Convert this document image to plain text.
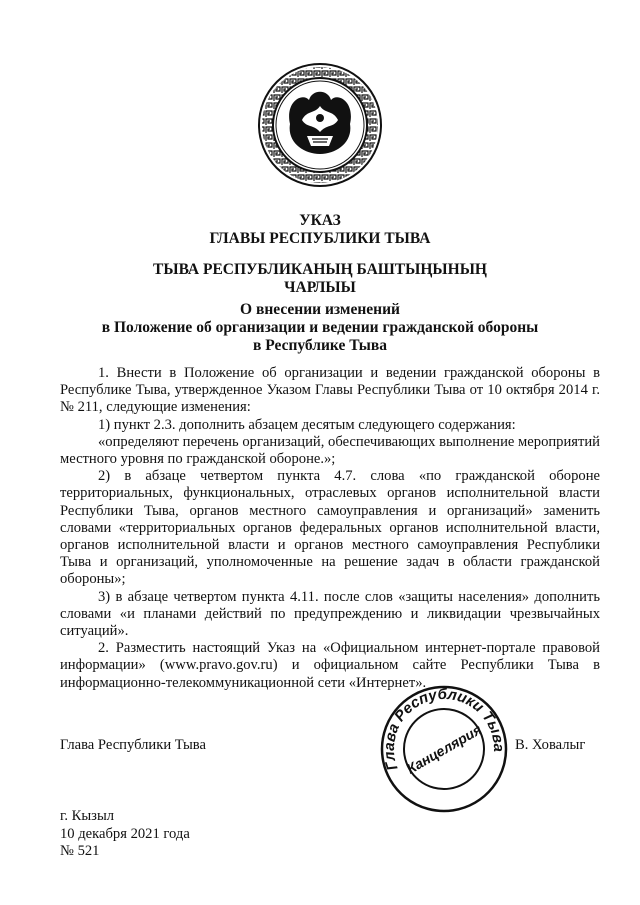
УКАЗ
ГЛАВЫ РЕСПУБЛИКИ ТЫВА
ТЫВА РЕСПУБЛИКАНЫҢ БАШТЫҢЫНЫҢ
ЧАРЛЫЫ
О внесении изменений
в Положение об организации и ведении гражданской обороны
в Республике Тыва

1. Внести в Положение об организации и ведении гражданской обороны в Республике Тыва, утвержденное Указом Главы Республики Тыва от 10 октября 2014 г. № 211, следующие изменения:

1) пункт 2.3. дополнить абзацем десятым следующего содержания:

«определяют перечень организаций, обеспечивающих выполнение мероприятий местного уровня по гражданской обороне.»;

2) в абзаце четвертом пункта 4.7. слова «по гражданской обороне территориальных, функциональных, отраслевых органов исполнительной власти Республики Тыва, органов местного самоуправления и организаций» заменить словами «территориальных органов федеральных органов исполнительной власти, органов исполнительной власти и органов местного самоуправления Республики Тыва и организаций, уполномоченные на решение задач в области гражданской обороны»;

3) в абзаце четвертом пункта 4.11. после слов «защиты населения» дополнить словами «и планами действий по предупреждению и ликвидации чрезвычайных ситуаций».

2. Разместить настоящий Указ на «Официальном интернет-портале правовой информации» (www.pravo.gov.ru) и официальном сайте Республики Тыва в информационно-телекоммуникационной сети «Интернет».

Глава Республики Тыва	В. Ховалыг
Глава Республики Тыва
Канцелярия
г. Кызыл
10 декабря 2021 года
№ 521
